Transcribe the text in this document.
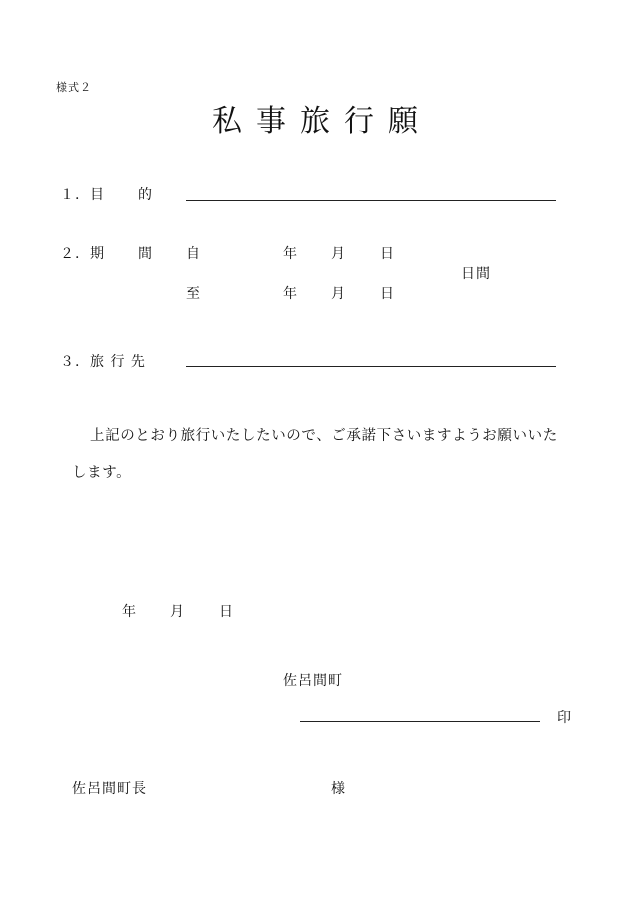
様式２
私事旅行願
１. 目 的
２. 期 間 自	年 月 日
日間
至	年 月 日
３. 旅 行 先
上記のとおり旅行いたしたいので、ご承諾下さいますようお願いいたします。
年 月 日
佐呂間町
印
佐呂間町長	様
